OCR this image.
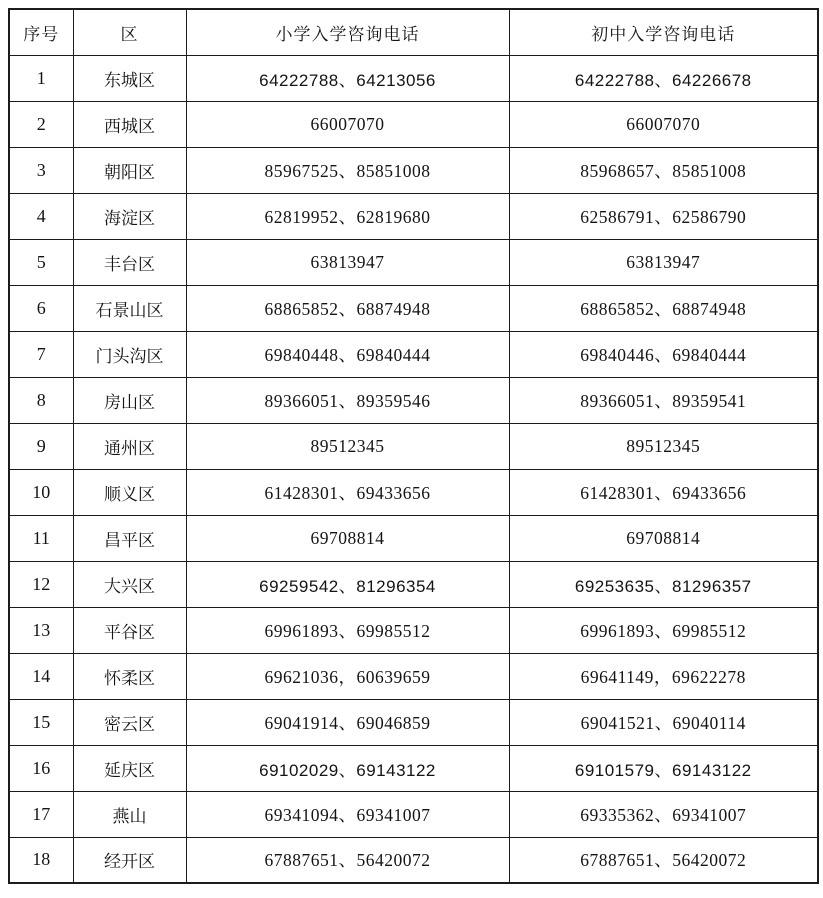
序号	区	小学入学咨询电话	初中入学咨询电话
1	东城区	64222788、64213056	64222788、64226678
2	西城区	66007070	66007070
3	朝阳区	85967525、85851008	85968657、85851008
4	海淀区	62819952、62819680	62586791、62586790
5	丰台区	63813947	63813947
6	石景山区	68865852、68874948	68865852、68874948
7	门头沟区	69840448、69840444	69840446、69840444
8	房山区	89366051、89359546	89366051、89359541
9	通州区	89512345	89512345
10	顺义区	61428301、69433656	61428301、69433656
11	昌平区	69708814	69708814
12	大兴区	69259542、81296354	69253635、81296357
13	平谷区	69961893、69985512	69961893、69985512
14	怀柔区	69621036，60639659	69641149，69622278
15	密云区	69041914、69046859	69041521、69040114
16	延庆区	69102029、69143122	69101579、69143122
17	燕山	69341094、69341007	69335362、69341007
18	经开区	67887651、56420072	67887651、56420072
